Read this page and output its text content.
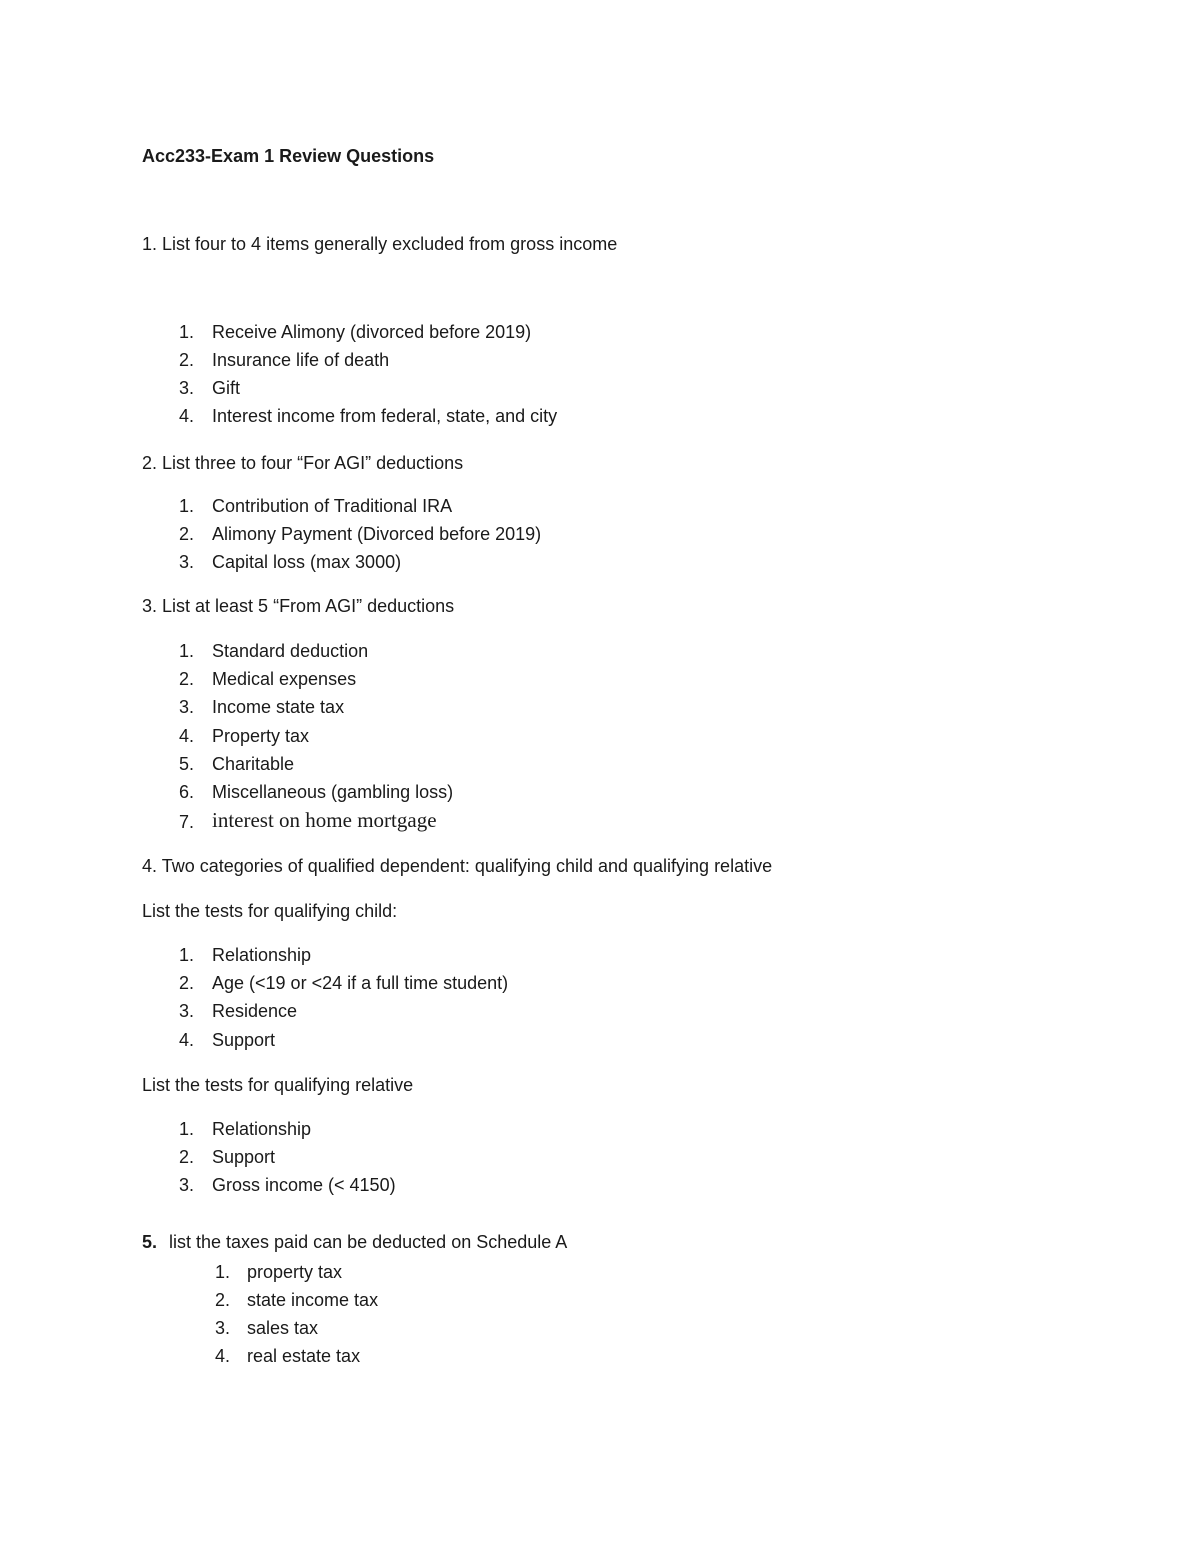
Acc233-Exam 1 Review Questions
1. List four to 4 items generally excluded from gross income
1. Receive Alimony (divorced before 2019)
2. Insurance life of death
3. Gift
4. Interest income from federal, state, and city
2. List three to four “For AGI” deductions
1. Contribution of Traditional IRA
2. Alimony Payment (Divorced before 2019)
3. Capital loss (max 3000)
3. List at least 5 “From AGI” deductions
1. Standard deduction
2. Medical expenses
3. Income state tax
4. Property tax
5. Charitable
6. Miscellaneous (gambling loss)
7. interest on home mortgage
4. Two categories of qualified dependent: qualifying child and qualifying relative
List the tests for qualifying child:
1. Relationship
2. Age (<19 or <24 if a full time student)
3. Residence
4. Support
List the tests for qualifying relative
1. Relationship
2. Support
3. Gross income (< 4150)
5. list the taxes paid can be deducted on Schedule A
1. property tax
2. state income tax
3. sales tax
4. real estate tax
